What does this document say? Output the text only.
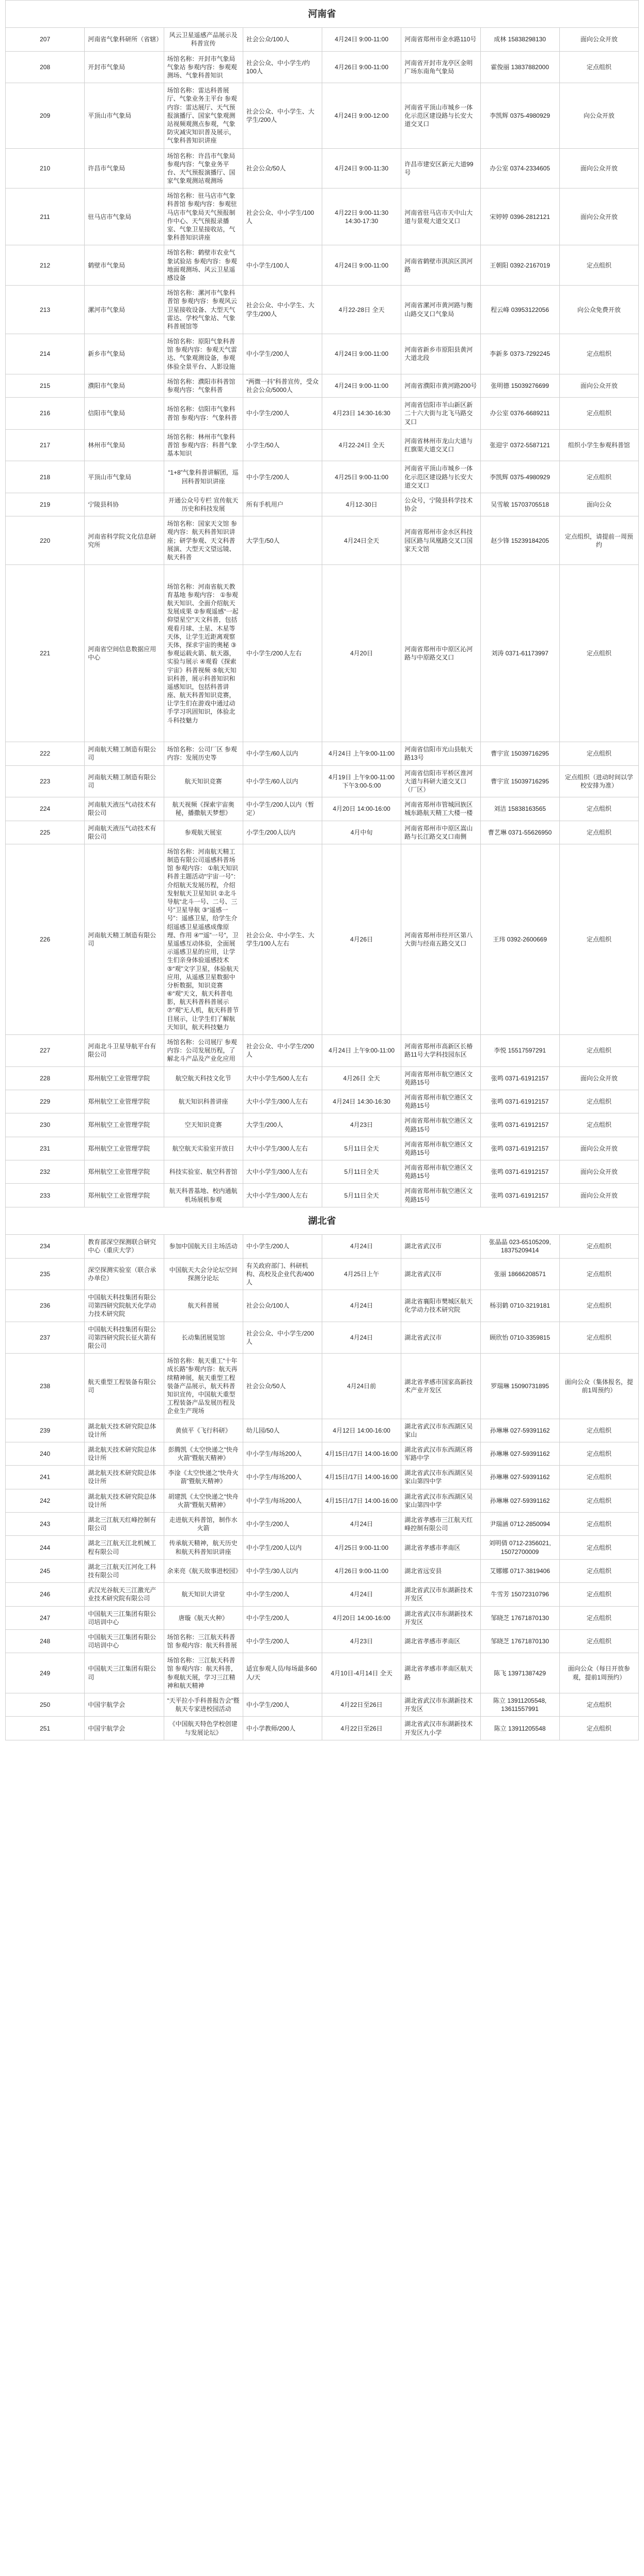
河南省							
207	河南省气象科研所（省辖）	风云卫星遥感产品展示及科普宣传	社会公众/100人	4月24日 9:00-11:00	河南省郑州市金水路110号	成林 15838298130	面向公众开放
208	开封市气象局	场馆名称：开封市气象局气象站 参观内容：参观观测场、气象科普知识	社会公众、中小学生/约100人	4月26日 9:00-11:00	河南省开封市龙亭区金明广场东南角气象局	霍俊丽 13837882000	定点组织
209	平顶山市气象局	场馆名称：雷达科普展厅、气象业务主平台 参观内容：雷达展厅、天气预报演播厅、国家气象观测站视频观测点参观，气象防灾减灾知识普及展示，气象科普知识讲座	社会公众、中小学生、大学生/200人	4月24日 9:00-12:00	河南省平顶山市城乡一体化示范区建设路与长安大道交叉口	李凯辉 0375-4980929	向公众开放
210	许昌市气象局	场馆名称：许昌市气象局 参观内容：气象业务平台、天气预报演播厅、国家气象观测站观测场	社会公众/50人	4月24日 9:00-11:30	许昌市建安区新元大道99号	办公室 0374-2334605	面向公众开放
211	驻马店市气象局	场馆名称：驻马店市气象科普馆 参观内容：参观驻马店市气象局天气预报制作中心、天气预报录播室、气象卫星接收站，气象科普知识讲座	社会公众、中小学生/100人	4月22日 9:00-11:30 14:30-17:30	河南省驻马店市天中山大道与景观大道交叉口	宋婷婷 0396-2812121	面向公众开放
212	鹤壁市气象局	场馆名称：鹤壁市农业气象试验站 参观内容：参观地面观测场、风云卫星遥感设备	中小学生/100人	4月24日 9:00-11:00	河南省鹤壁市淇滨区淇河路	王朝阳 0392-2167019	定点组织
213	漯河市气象局	场馆名称：漯河市气象科普馆 参观内容：参观风云卫星接收设备、大型天气雷达、学校气象站、气象科普展馆等	社会公众、中小学生、大学生/200人	4月22-28日 全天	河南省漯河市黄河路与衡山路交叉口气象局	程云峰 03953122056	向公众免费开放
214	新乡市气象局	场馆名称：原阳气象科普馆 参观内容：参观天气雷达、气象观测设备，参观体验全景平台、人影设施	中小学生/200人	4月24日 9:00-11:00	河南省新乡市原阳县黄河大道北段	李新多 0373-7292245	定点组织
215	濮阳市气象局	场馆名称：濮阳市科普馆 参观内容：气象科普	“两微一抖”科普宣传，受众社会公众/5000人	4月24日 9:00-11:00	河南省濮阳市黄河路200号	张明德 15039276699	面向公众开放
216	信阳市气象局	场馆名称：信阳市气象科普馆 参观内容：气象科普	中小学生/200人	4月23日 14:30-16:30	河南省信阳市羊山新区新二十六大街与北飞马路交叉口	办公室 0376-6689211	定点组织
217	林州市气象局	场馆名称：林州市气象科普馆 参观内容：科普气象基本知识	小学生/50人	4月22-24日 全天	河南省林州市龙山大道与红旗渠大道交叉口	张迎宇 0372-5587121	组织小学生参观科普馆
218	平顶山市气象局	“1+8”气象科普讲解团，巡回科普知识讲座	中小学生/200人	4月25日 9:00-11:00	河南省平顶山市城乡一体化示范区建设路与长安大道交叉口	李凯辉 0375-4980929	定点组织
219	宁陵县科协	开通公众号专栏 宣传航天历史和科技发展	所有手机用户	4月12-30日	公众号，宁陵县科学技术协会	吴雪敏 15703705518	面向公众
220	河南省科学院文化信息研究所	场馆名称：国家天文馆 参观内容：航天科普知识讲座；研学参观、天文科普展演、大型天文望远镜、航天科普	大学生/50人	4月24日全天	河南省郑州市金水区科技园区路与凤凰路交叉口国家天文馆	赵少锋 15239184205	定点组织，请提前一周预约
221	河南省空间信息数据应用中心	场馆名称：河南省航天教育基地 参观内容： ①参观航天知识、全面介绍航天发展成果 ②参观遥感“一起仰望星空”天文科普，包括观看月球、土星、木星等天体，让学生近距离观察天体，探求宇宙的奥秘 ③参观运载火箭、航天器，实验与展示 ④观看《探索宇宙》科普视频 ⑤航天知识科普，展示科普知识和遥感知识，包括科普讲座、航天科普知识竞赛，让学生们在游戏中通过动手学习巩固知识，体验北斗科技魅力	中小学生/200人左右	4月20日	河南省郑州市中原区沁河路与中原路交叉口	刘涛 0371-61173997	定点组织
222	河南航天精工制造有限公司	场馆名称：公司厂区 参观内容：发展历史等	中小学生/60人以内	4月24日 上午9:00-11:00	河南省信阳市光山县航天路13号	曹宇宣 15039716295	定点组织
223	河南航天精工制造有限公司	航天知识竞赛	中小学生/60人以内	4月19日 上午9:00-11:00 下午3:00-5:00	河南省信阳市平桥区淮河大道与科研大道交叉口（厂区）	曹宇宣 15039716295	定点组织（进动时间以学校安排为准）
224	河南航天液压气动技术有限公司	航天视频《探索宇宙奥秘，播撒航天梦想》	中小学生/200人以内（暂定）	4月20日 14:00-16:00	河南省郑州市管城回族区城东路航天精工大楼一楼	刘洁 15838163565	定点组织
225	河南航天液压气动技术有限公司	参观航天展室	小学生/200人以内	4月中旬	河南省郑州市中原区嵩山路与长江路交叉口南侧	曹艺琳 0371-55626950	定点组织
226	河南航天精工制造有限公司	场馆名称：河南航天精工制造有限公司遥感科普场馆 参观内容： ①航天知识科普主题活动“宇宙一号”：介绍航天发展历程，介绍发射航天卫星知识 ②北斗导航“北斗一号、二号、三号”卫星导航 ③“遥感一号”：遥感卫星，给学生介绍遥感卫星遥感成像原理、作用 ④““遥”一号”，卫星遥感互动体验，全面展示遥感卫星的应用，让学生们亲身体验遥感技术 ⑤“观”文字卫星，体验航天应用，从遥感卫星数据中分析数据，知识竞赛 ⑥“观”天文，航天科普电影，航天科普科普展示 ⑦“观”无人机，航天科普节目展示，让学生们了解航天知识，航天科技魅力	社会公众、中小学生、大学生/100人左右	4月26日	河南省郑州市经开区第八大街与经南五路交叉口	王玮 0392-2600669	定点组织
227	河南北斗卫星导航平台有限公司	场馆名称：公司展厅 参观内容：公司发展历程，了解北斗产品及产业化应用	社会公众、中小学生/200人	4月24日 上午9:00-11:00	河南省郑州市高新区长椿路11号大学科技园东区	李悦 15517597291	定点组织
228	郑州航空工业管理学院	航空航天科技文化节	大中小学生/500人左右	4月26日 全天	河南省郑州市航空港区文苑路15号	张鸣 0371-61912157	面向公众开放
229	郑州航空工业管理学院	航天知识科普讲座	大中小学生/300人左右	4月24日 14:30-16:30	河南省郑州市航空港区文苑路15号	张鸣 0371-61912157	定点组织
230	郑州航空工业管理学院	空天知识竞赛	大学生/200人	4月23日	河南省郑州市航空港区文苑路15号	张鸣 0371-61912157	定点组织
231	郑州航空工业管理学院	航空航天实验室开放日	大中小学生/300人左右	5月11日全天	河南省郑州市航空港区文苑路15号	张鸣 0371-61912157	面向公众开放
232	郑州航空工业管理学院	科技实验室、航空科普馆	大中小学生/300人左右	5月11日全天	河南省郑州市航空港区文苑路15号	张鸣 0371-61912157	面向公众开放
233	郑州航空工业管理学院	航天科普基地、校内通航机场展机参观	大中小学生/300人左右	5月11日全天	河南省郑州市航空港区文苑路15号	张鸣 0371-61912157	面向公众开放
湖北省							
234	教育部深空探测联合研究中心（重庆大学）	参加中国航天日主场活动	中小学生/200人	4月24日	湖北省武汉市	张晶晶 023-65105209, 18375209414	定点组织
235	深空探测实验室（联合承办单位）	中国航天大会分论坛空间探测分论坛	有关政府部门、科研机构、高校及企业代表/400人	4月25日上午	湖北省武汉市	张丽 18666208571	定点组织
236	中国航天科技集团有限公司第四研究院航天化学动力技术研究院	航天科普展	社会公众/100人	4月24日	湖北省襄阳市樊城区航天化学动力技术研究院	杨羽鹤 0710-3219181	定点组织
237	中国航天科技集团有限公司第四研究院长征火箭有限公司	长动集团展览馆	社会公众、中小学生/200人	4月24日	湖北省武汉市	顾欣怡 0710-3359815	定点组织
238	航天重型工程装备有限公司	场馆名称：航天重工“十年成长路”参观内容：航天再续精神展，航天重型工程装备产品展示，航天科普知识宣传，中国航天重型工程装备产品发展历程及企业生产现场	社会公众/50人	4月24日前	湖北省孝感市国家高新技术产业开发区	罗瑞琳 15090731895	面向公众（集体报名，提前1周预约）
239	湖北航天技术研究院总体设计所	黄侦平《飞行科研》	幼儿园/50人	4月12日 14:00-16:00	湖北省武汉市东西湖区吴家山	孙琳琳 027-59391162	定点组织
240	湖北航天技术研究院总体设计所	彭腾凯《太空快递之“快舟火箭”暨航天精神》	中小学生/每场200人	4月15日/17日 14:00-16:00	湖北省武汉市东西湖区将军路中学	孙琳琳 027-59391162	定点组织
241	湖北航天技术研究院总体设计所	李淦《太空快递之“快舟火箭”暨航天精神》	中小学生/每场200人	4月15日/17日 14:00-16:00	湖北省武汉市东西湖区吴家山第四中学	孙琳琳 027-59391162	定点组织
242	湖北航天技术研究院总体设计所	胡建凯《太空快递之“快舟火箭”暨航天精神》	中小学生/每场200人	4月15日/17日 14:00-16:00	湖北省武汉市东西湖区吴家山第四中学	孙琳琳 027-59391162	定点组织
243	湖北三江航天红峰控制有限公司	走进航天科普馆，制作水火箭	中小学生/200人	4月24日	湖北省孝感市三江航天红峰控制有限公司	尹瑞涵 0712-2850094	定点组织
244	湖北三江航天江北机械工程有限公司	传承航天精神，航天历史和航天科普知识讲座	中小学生/200人以内	4月25日 9:00-11:00	湖北省孝感市孝南区	刘明倩 0712-2356021, 15072700009	定点组织
245	湖北三江航天江河化工科技有限公司	余来亮《航天故事进校园》	中小学生/30人以内	4月26日 9:00-11:00	湖北省远安县	艾娜娜 0717-3819406	定点组织
246	武汉光谷航天三江激光产业技术研究院有限公司	航天知识大讲堂	中小学生/200人	4月24日	湖北省武汉市东湖新技术开发区	牛雪芳 15072310796	定点组织
247	中国航天三江集团有限公司培训中心	唐璇《航天火种》	中小学生/200人	4月20日 14:00-16:00	湖北省武汉市东湖新技术开发区	邹晓芝 17671870130	定点组织
248	中国航天三江集团有限公司培训中心	场馆名称：三江航天科普馆 参观内容：航天科普展	中小学生/200人	4月23日	湖北省孝感市孝南区	邹晓芝 17671870130	定点组织
249	中国航天三江集团有限公司	场馆名称：三江航天科普馆 参观内容：航天科普，参观航天展，学习三江精神和航天精神	适宜参观人员/每场最多60人/天	4月10日-4月14日 全天	湖北省孝感市孝南区航天路	陈飞 13971387429	面向公众（每日开放参观，提前1周预约）
250	中国宇航学会	“天平拉小手科普报告会”暨航天专家进校园活动	中小学生/200人	4月22日至26日	湖北省武汉市东湖新技术开发区	陈立 13911205548, 13611557991	定点组织
251	中国宇航学会	《中国航天特色学校创建与发展论坛》	中小学教师/200人	4月22日至26日	湖北省武汉市东湖新技术开发区九小学	陈立 13911205548	定点组织
